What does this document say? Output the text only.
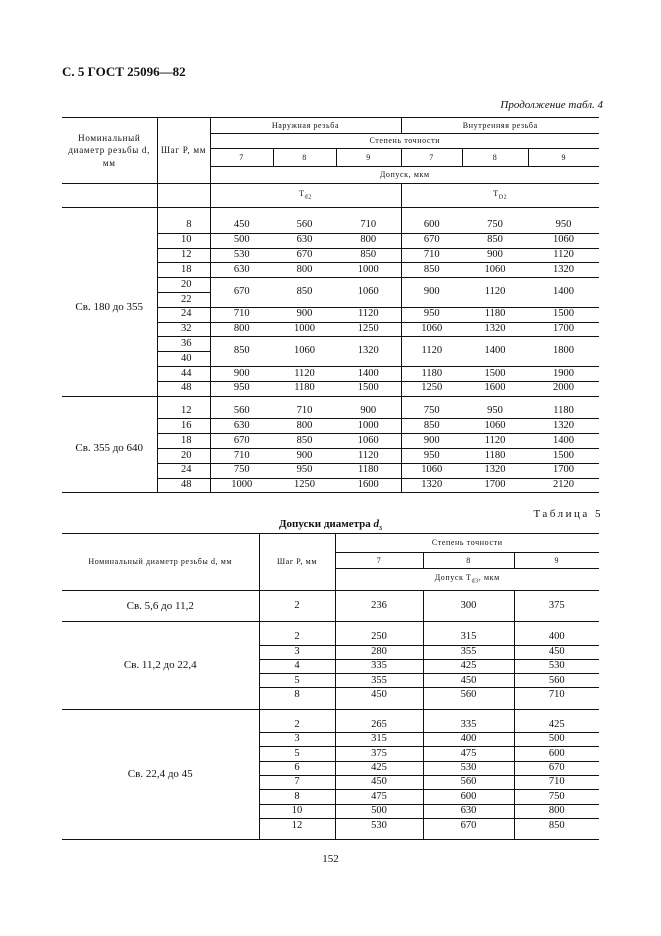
С. 5 ГОСТ 25096—82
Продолжение табл. 4
Номинальный диаметр резьбы d, мм	Шаг P, мм	Наружная резьба			Внутренняя резьба		
		Степень точности					
		7	8	9	7	8	9
		Допуск, мкм					
		$T_{d2}$			$T_{D2}$

Св. 180 до 355	8	450	560	710	600	750	950
	10	500	630	800	670	850	1060
	12	530	670	850	710	900	1120
	18	630	800	1000	850	1060	1320
	20	670	850	1060	900	1120	1400
	22						
	24	710	900	1120	950	1180	1500
	32	800	1000	1250	1060	1320	1700
	36	850	1060	1320	1120	1400	1800
	40						
	44	900	1120	1400	1180	1500	1900
	48	950	1180	1500	1250	1600	2000

Св. 355 до 640	12	560	710	900	750	950	1180
	16	630	800	1000	850	1060	1320
	18	670	850	1060	900	1120	1400
	20	710	900	1120	950	1180	1500
	24	750	950	1180	1060	1320	1700
	48	1000	1250	1600	1320	1700	2120
Таблица 5
Допуски диаметра $d_3$
Номинальный диаметр резьбы d, мм	Шаг P, мм	Степень точности		
		7	8	9
		Допуск $T_{d3}$, мкм		
Св. 5,6 до 11,2				
	2	236	300	375

Св. 11,2 до 22,4				
	2	250	315	400
	3	280	355	450
	4	335	425	530
	5	355	450	560
	8	450	560	710

Св. 22,4 до 45				
	2	265	335	425
	3	315	400	500
	5	375	475	600
	6	425	530	670
	7	450	560	710
	8	475	600	750
	10	500	630	800
	12	530	670	850

152
